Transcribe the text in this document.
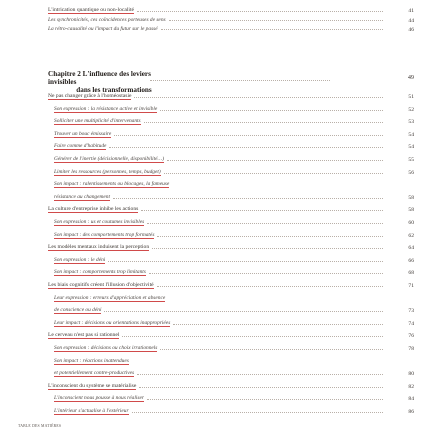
L'intrication quantique ou non-localité	41
Les synchronicités, ces coïncidences porteuses de sens	44
La rétro-causalité ou l'impact du futur sur le passé	46
Chapitre 2 L'influence des leviers invisibles
dans les transformations
49
Ne pas changer grâce à l'homéostasie	51
Son expression : la résistance active et invisible	52
Solliciter une multiplicité d'intervenants	53
Trouver un bouc émissaire	54
Faire comme d'habitude	54
Générer de l'inertie (décisionnelle, disponibilité…)	55
Limiter les ressources (personnes, temps, budget)	56
Son impact : ralentissements ou blocages, la fameuse
résistance au changement	58
La culture d'entreprise inhibe les actions	58
Son expression : us et coutumes invisibles	60
Son impact : des comportements trop formatés	62
Les modèles mentaux induisent la perception	64
Son expression : le déni	66
Son impact : comportements trop limitants	68
Les biais cognitifs créent l'illusion d'objectivité	71
Leur expression : erreurs d'appréciation et absence
de conscience ou déni	73
Leur impact : décisions ou orientations inappropriées	74
Le cerveau n'est pas si rationnel	76
Son expression : décisions ou choix irrationnels	78
Son impact : réactions inattendues
et potentiellement contre-productives	80
L'inconscient du système se matérialise	82
L'inconscient nous pousse à nous réaliser	84
L'intérieur s'actualise à l'extérieur	86
TABLE DES MATIÈRES
